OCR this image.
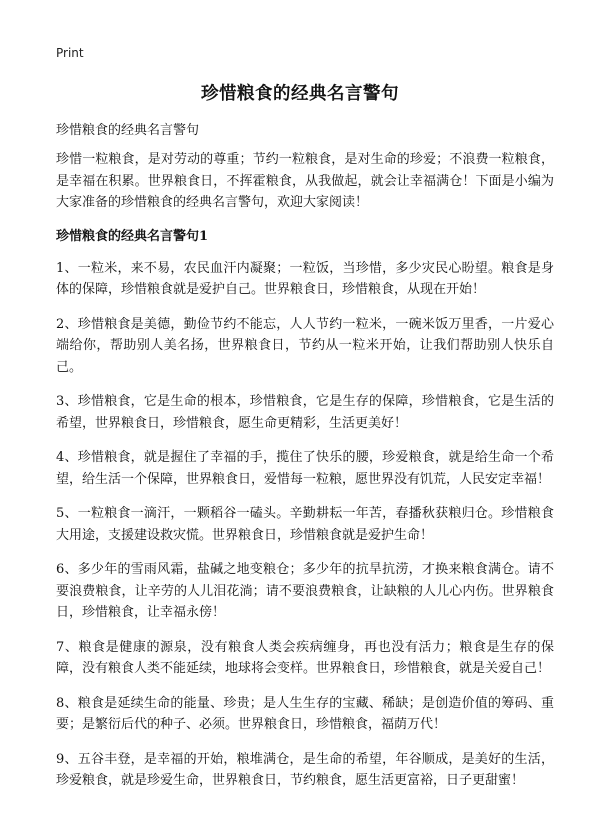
Print
珍惜粮食的经典名言警句
珍惜粮食的经典名言警句

珍惜一粒粮食，是对劳动的尊重；节约一粒粮食，是对生命的珍爱；不浪费一粒粮食，是幸福在积累。世界粮食日，不挥霍粮食，从我做起，就会让幸福满仓！下面是小编为大家准备的珍惜粮食的经典名言警句，欢迎大家阅读！

珍惜粮食的经典名言警句1

1、一粒米，来不易，农民血汗内凝聚；一粒饭，当珍惜，多少灾民心盼望。粮食是身体的保障，珍惜粮食就是爱护自己。世界粮食日，珍惜粮食，从现在开始！

2、珍惜粮食是美德，勤俭节约不能忘，人人节约一粒米，一碗米饭万里香，一片爱心端给你，帮助别人美名扬，世界粮食日，节约从一粒米开始，让我们帮助别人快乐自己。

3、珍惜粮食，它是生命的根本，珍惜粮食，它是生存的保障，珍惜粮食，它是生活的希望，世界粮食日，珍惜粮食，愿生命更精彩，生活更美好！

4、珍惜粮食，就是握住了幸福的手，揽住了快乐的腰，珍爱粮食，就是给生命一个希望，给生活一个保障，世界粮食日，爱惜每一粒粮，愿世界没有饥荒，人民安定幸福！

5、一粒粮食一滴汗，一颗稻谷一磕头。辛勤耕耘一年苦，春播秋获粮归仓。珍惜粮食大用途，支援建设救灾慌。世界粮食日，珍惜粮食就是爱护生命！

6、多少年的雪雨风霜，盐碱之地变粮仓；多少年的抗旱抗涝，才换来粮食满仓。请不要浪费粮食，让辛劳的人儿泪花淌；请不要浪费粮食，让缺粮的人儿心内伤。世界粮食日，珍惜粮食，让幸福永傍！

7、粮食是健康的源泉，没有粮食人类会疾病缠身，再也没有活力；粮食是生存的保障，没有粮食人类不能延续，地球将会变样。世界粮食日，珍惜粮食，就是关爱自己！

8、粮食是延续生命的能量、珍贵；是人生生存的宝藏、稀缺；是创造价值的筹码、重要；是繁衍后代的种子、必须。世界粮食日，珍惜粮食，福荫万代！

9、五谷丰登，是幸福的开始，粮堆满仓，是生命的希望，年谷顺成，是美好的生活，珍爱粮食，就是珍爱生命，世界粮食日，节约粮食，愿生活更富裕，日子更甜蜜！
